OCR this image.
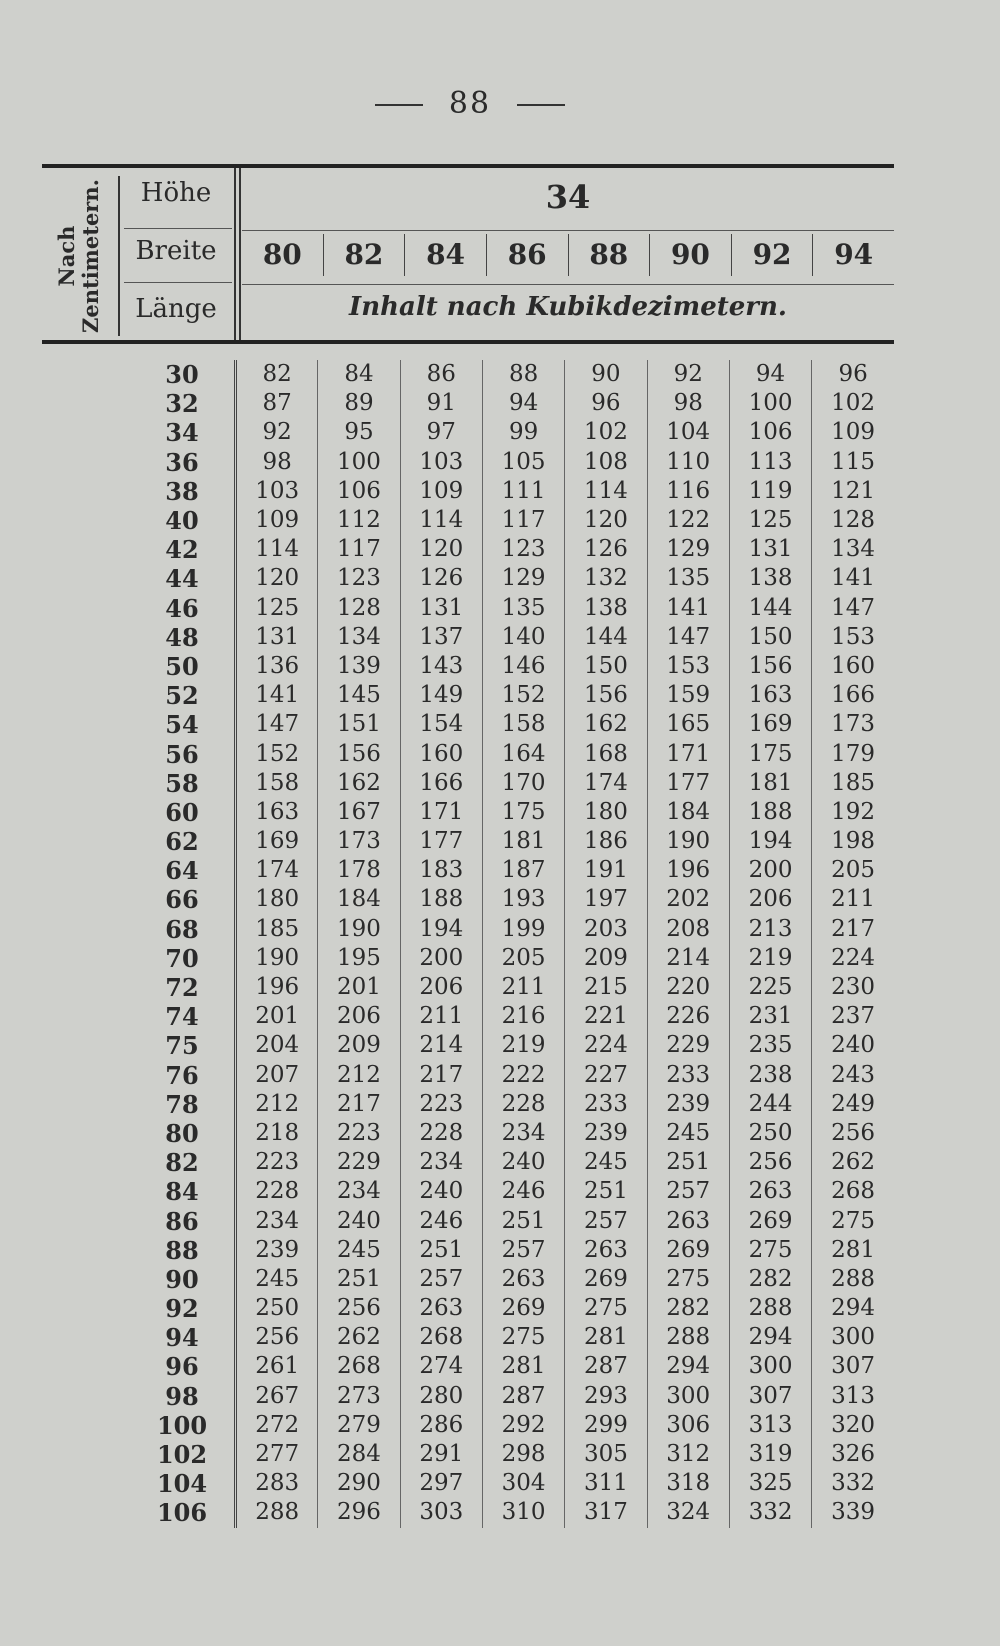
88
Nach Zentimetern.	Höhe
Breite
Länge
34
80	82	84	86	88	90	92	94
Inhalt nach Kubikdezimetern.
30	82	84	86	88	90	92	94	96
32	87	89	91	94	96	98	100	102
34	92	95	97	99	102	104	106	109
36	98	100	103	105	108	110	113	115
38	103	106	109	111	114	116	119	121
40	109	112	114	117	120	122	125	128
42	114	117	120	123	126	129	131	134
44	120	123	126	129	132	135	138	141
46	125	128	131	135	138	141	144	147
48	131	134	137	140	144	147	150	153
50	136	139	143	146	150	153	156	160
52	141	145	149	152	156	159	163	166
54	147	151	154	158	162	165	169	173
56	152	156	160	164	168	171	175	179
58	158	162	166	170	174	177	181	185
60	163	167	171	175	180	184	188	192
62	169	173	177	181	186	190	194	198
64	174	178	183	187	191	196	200	205
66	180	184	188	193	197	202	206	211
68	185	190	194	199	203	208	213	217
70	190	195	200	205	209	214	219	224
72	196	201	206	211	215	220	225	230
74	201	206	211	216	221	226	231	237
75	204	209	214	219	224	229	235	240
76	207	212	217	222	227	233	238	243
78	212	217	223	228	233	239	244	249
80	218	223	228	234	239	245	250	256
82	223	229	234	240	245	251	256	262
84	228	234	240	246	251	257	263	268
86	234	240	246	251	257	263	269	275
88	239	245	251	257	263	269	275	281
90	245	251	257	263	269	275	282	288
92	250	256	263	269	275	282	288	294
94	256	262	268	275	281	288	294	300
96	261	268	274	281	287	294	300	307
98	267	273	280	287	293	300	307	313
100	272	279	286	292	299	306	313	320
102	277	284	291	298	305	312	319	326
104	283	290	297	304	311	318	325	332
106	288	296	303	310	317	324	332	339
